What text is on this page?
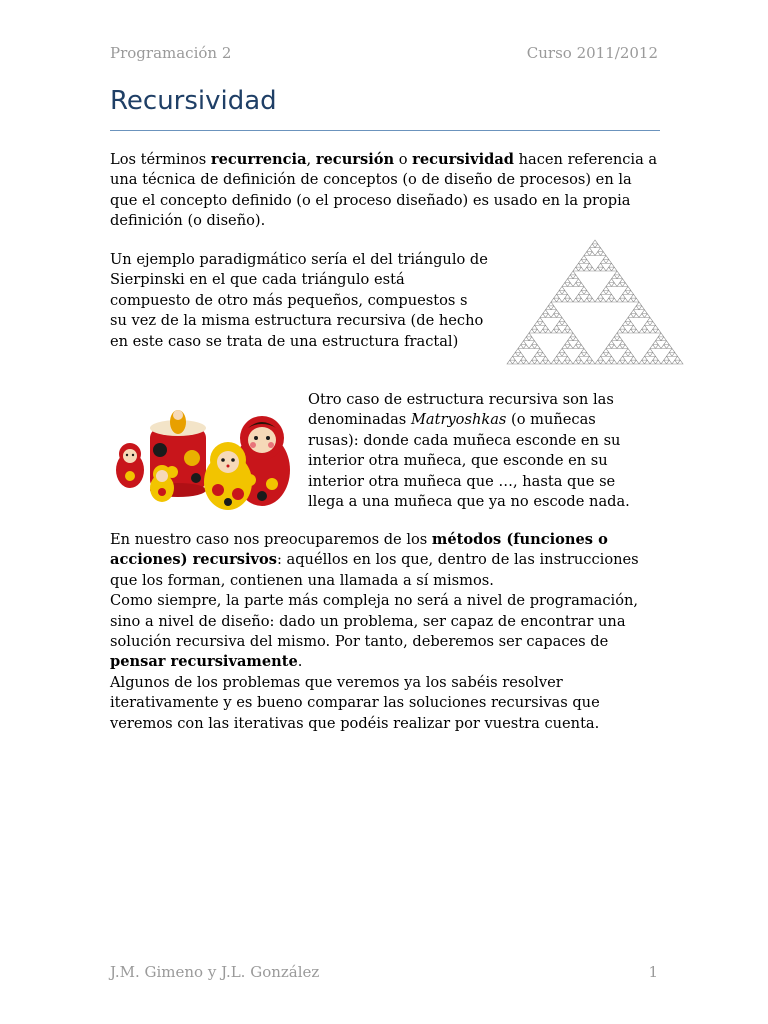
Programación 2	Curso 2011/2012
Recursividad

Los términos recurrencia, recursión o recursividad hacen referencia a una técnica de definición de conceptos (o de diseño de procesos) en la que el concepto definido (o el proceso diseñado) es usado en la propia definición (o diseño).

Un ejemplo paradigmático sería el del triángulo de Sierpinski en el que cada triángulo está compuesto de otro más pequeños, compuestos s su vez de la misma estructura recursiva (de hecho en este caso se trata de una estructura fractal)

Otro caso de estructura recursiva son las denominadas Matryoshkas (o muñecas rusas): donde cada muñeca esconde en su interior otra muñeca, que esconde en su interior otra muñeca que …, hasta que se llega a una muñeca que ya no escode nada.

En nuestro caso nos preocuparemos de los métodos (funciones o acciones) recursivos: aquéllos en los que, dentro de las instrucciones que los forman, contienen una llamada a sí mismos.
Como siempre, la parte más compleja no será a nivel de programación, sino a nivel de diseño: dado un problema, ser capaz de encontrar una solución recursiva del mismo. Por tanto, deberemos ser capaces de pensar recursivamente.
Algunos de los problemas que veremos ya los sabéis resolver iterativamente y es bueno comparar las soluciones recursivas que veremos con las iterativas que podéis realizar por vuestra cuenta.
J.M. Gimeno y J.L. González	1
